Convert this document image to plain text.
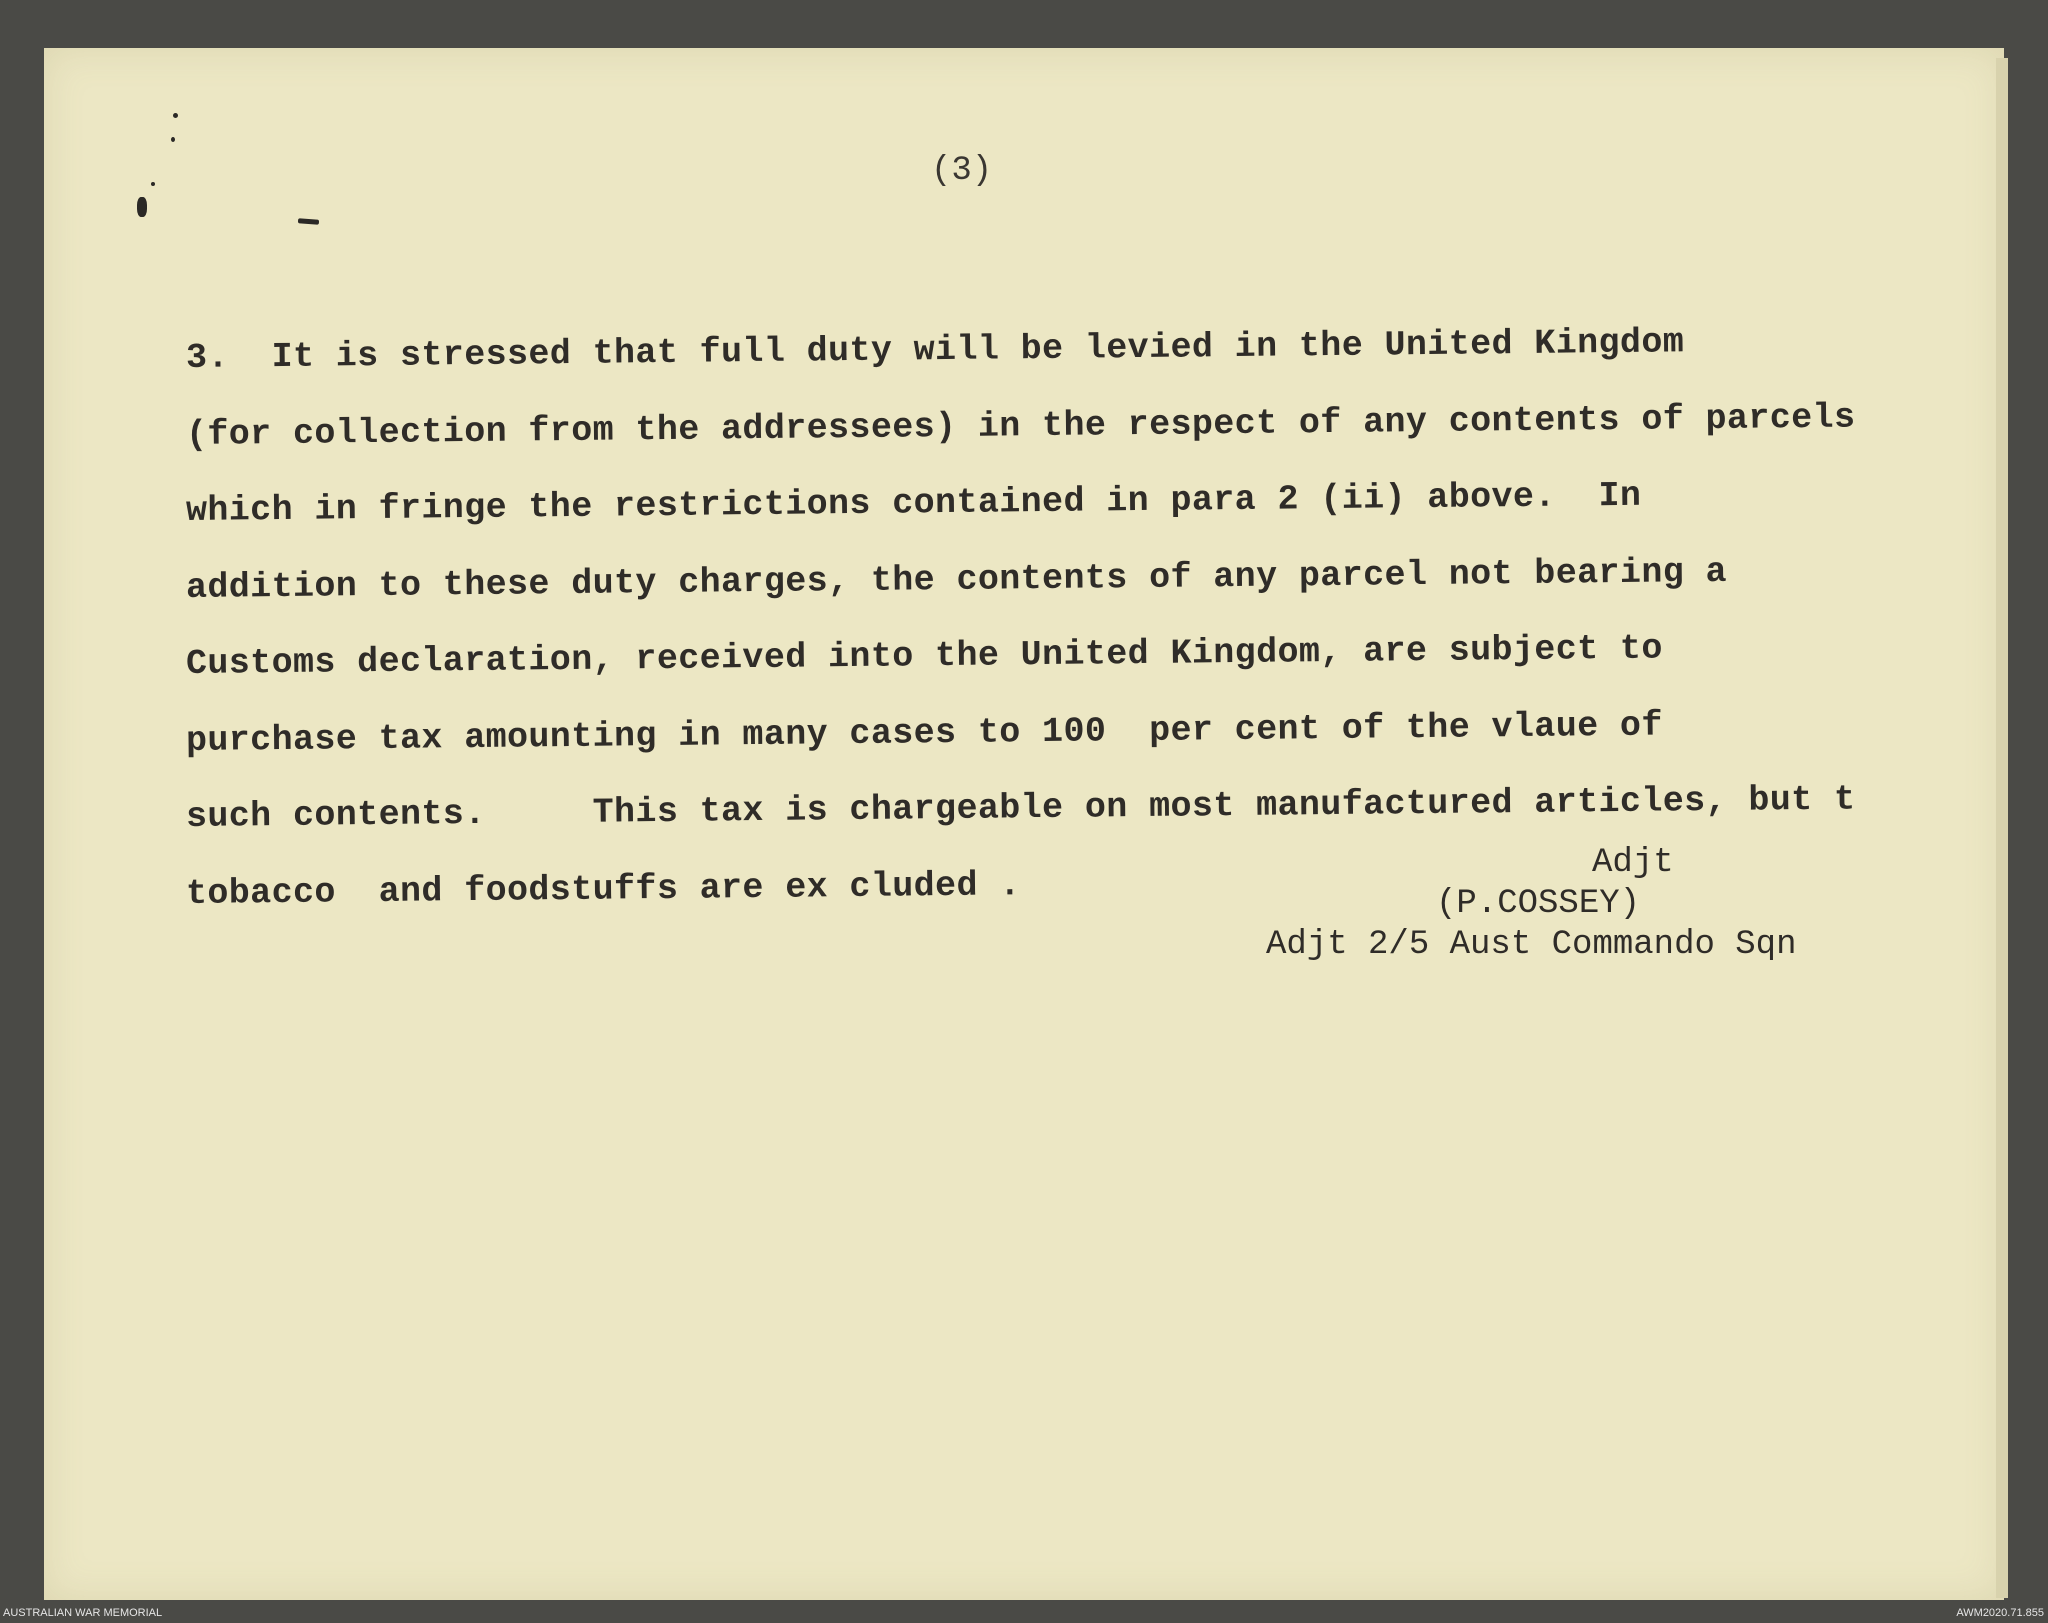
(3)

3.  It is stressed that full duty will be levied in the United Kingdom

(for collection from the addressees) in the respect of any contents of parcels

which in fringe the restrictions contained in para 2 (ii) above.  In

addition to these duty charges, the contents of any parcel not bearing a

Customs declaration, received into the United Kingdom, are subject to

purchase tax amounting in many cases to 100  per cent of the vlaue of

such contents.     This tax is chargeable on most manufactured articles, but t

tobacco  and foodstuffs are ex cluded .

Adjt
(P.COSSEY)
Adjt 2/5 Aust Commando Sqn
AUSTRALIAN WAR MEMORIAL	AWM2020.71.855
